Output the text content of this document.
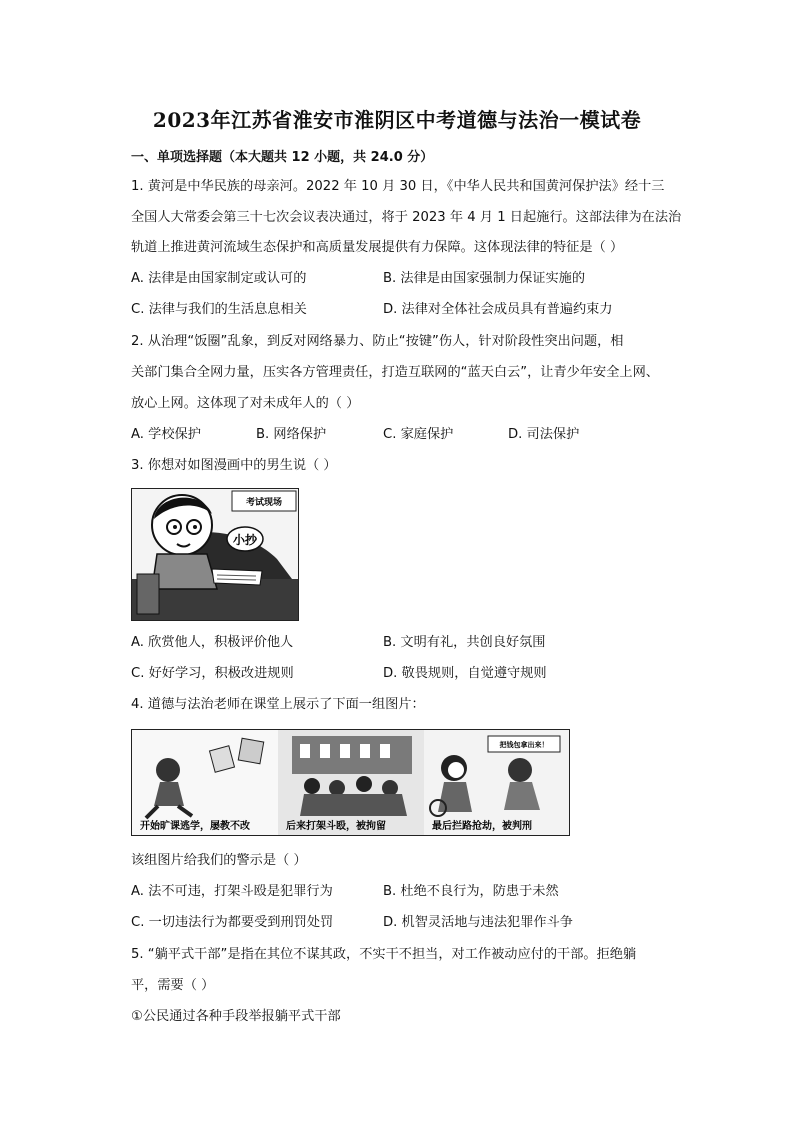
2023年江苏省淮安市淮阴区中考道德与法治一模试卷
一、单项选择题（本大题共 12 小题，共 24.0 分）
1. 黄河是中华民族的母亲河。2022 年 10 月 30 日，《中华人民共和国黄河保护法》经十三
全国人大常委会第三十七次会议表决通过，将于 2023 年 4 月 1 日起施行。这部法律为在法治
轨道上推进黄河流域生态保护和高质量发展提供有力保障。这体现法律的特征是（ ）
A. 法律是由国家制定或认可的	B. 法律是由国家强制力保证实施的
C. 法律与我们的生活息息相关	D. 法律对全体社会成员具有普遍约束力
2. 从治理“饭圈”乱象，到反对网络暴力、防止“按键”伤人，针对阶段性突出问题，相
关部门集合全网力量，压实各方管理责任，打造互联网的“蓝天白云”，让青少年安全上网、
放心上网。这体现了对未成年人的（ ）
A. 学校保护	B. 网络保护	C. 家庭保护	D. 司法保护
3. 你想对如图漫画中的男生说（ ）
考试现场
小抄
A. 欣赏他人，积极评价他人	B. 文明有礼，共创良好氛围
C. 好好学习，积极改进规则	D. 敬畏规则，自觉遵守规则
4. 道德与法治老师在课堂上展示了下面一组图片：
开始旷课逃学，屡教不改	后来打架斗殴，被拘留
把钱包拿出来！
最后拦路抢劫，被判刑
该组图片给我们的警示是（ ）
A. 法不可违，打架斗殴是犯罪行为	B. 杜绝不良行为，防患于未然
C. 一切违法行为都要受到刑罚处罚	D. 机智灵活地与违法犯罪作斗争
5. “躺平式干部”是指在其位不谋其政，不实干不担当，对工作被动应付的干部。拒绝躺
平，需要（ ）
①公民通过各种手段举报躺平式干部
